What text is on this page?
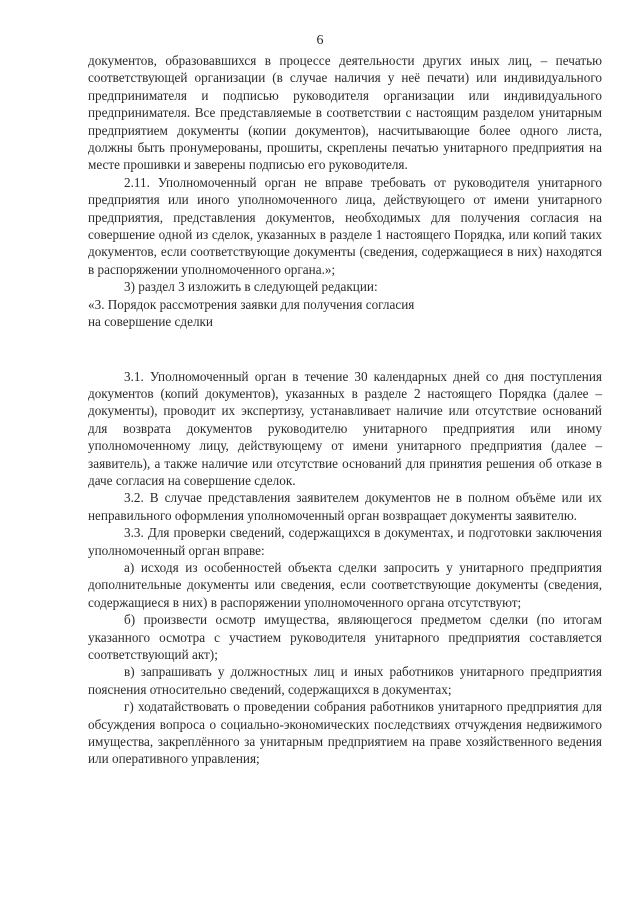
6

документов, образовавшихся в процессе деятельности других иных лиц, – печатью соответствующей организации (в случае наличия у неё печати) или индивидуального предпринимателя и подписью руководителя организации или индивидуального предпринимателя. Все представляемые в соответствии с настоящим разделом унитарным предприятием документы (копии документов), насчитывающие более одного листа, должны быть пронумерованы, прошиты, скреплены печатью унитарного предприятия на месте прошивки и заверены подписью его руководителя.

2.11. Уполномоченный орган не вправе требовать от руководителя унитарного предприятия или иного уполномоченного лица, действующего от имени унитарного предприятия, представления документов, необходимых для получения согласия на совершение одной из сделок, указанных в разделе 1 настоящего Порядка, или копий таких документов, если соответствующие документы (сведения, содержащиеся в них) находятся в распоряжении уполномоченного органа.»;

3) раздел 3 изложить в следующей редакции:

«3. Порядок рассмотрения заявки для получения согласия

на совершение сделки

3.1. Уполномоченный орган в течение 30 календарных дней со дня поступления документов (копий документов), указанных в разделе 2 настоящего Порядка (далее – документы), проводит их экспертизу, устанавливает наличие или отсутствие оснований для возврата документов руководителю унитарного предприятия или иному уполномоченному лицу, действующему от имени унитарного предприятия (далее – заявитель), а также наличие или отсутствие оснований для принятия решения об отказе в даче согласия на совершение сделок.

3.2. В случае представления заявителем документов не в полном объёме или их неправильного оформления уполномоченный орган возвращает документы заявителю.

3.3. Для проверки сведений, содержащихся в документах, и подготовки заключения уполномоченный орган вправе:

а) исходя из особенностей объекта сделки запросить у унитарного предприятия дополнительные документы или сведения, если соответствующие документы (сведения, содержащиеся в них) в распоряжении уполномоченного органа отсутствуют;

б) произвести осмотр имущества, являющегося предметом сделки (по итогам указанного осмотра с участием руководителя унитарного предприятия составляется соответствующий акт);

в) запрашивать у должностных лиц и иных работников унитарного предприятия пояснения относительно сведений, содержащихся в документах;

г) ходатайствовать о проведении собрания работников унитарного предприятия для обсуждения вопроса о социально-экономических последствиях отчуждения недвижимого имущества, закреплённого за унитарным предприятием на праве хозяйственного ведения или оперативного управления;
